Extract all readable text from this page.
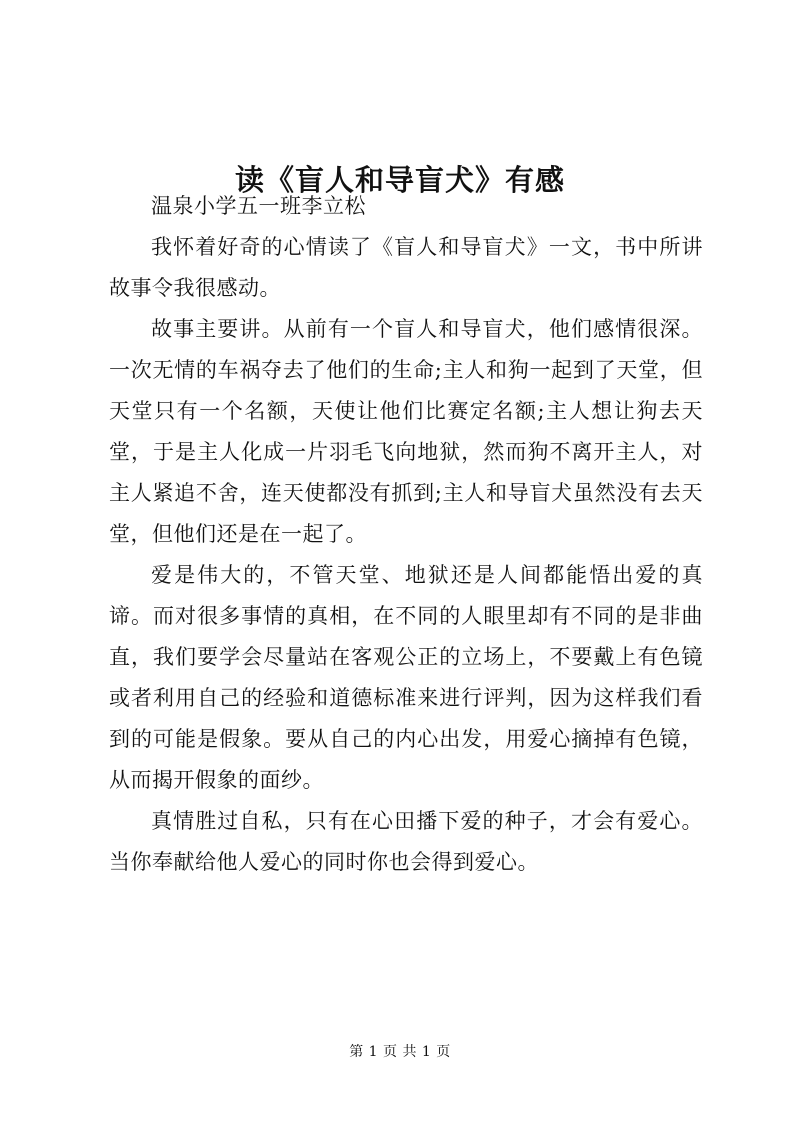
读《盲人和导盲犬》有感
温泉小学五一班李立松

我怀着好奇的心情读了《盲人和导盲犬》一文，书中所讲故事令我很感动。

故事主要讲。从前有一个盲人和导盲犬，他们感情很深。一次无情的车祸夺去了他们的生命;主人和狗一起到了天堂，但天堂只有一个名额，天使让他们比赛定名额;主人想让狗去天堂，于是主人化成一片羽毛飞向地狱，然而狗不离开主人，对主人紧追不舍，连天使都没有抓到;主人和导盲犬虽然没有去天堂，但他们还是在一起了。

爱是伟大的，不管天堂、地狱还是人间都能悟出爱的真谛。而对很多事情的真相，在不同的人眼里却有不同的是非曲直，我们要学会尽量站在客观公正的立场上，不要戴上有色镜或者利用自己的经验和道德标准来进行评判，因为这样我们看到的可能是假象。要从自己的内心出发，用爱心摘掉有色镜，从而揭开假象的面纱。

真情胜过自私，只有在心田播下爱的种子，才会有爱心。当你奉献给他人爱心的同时你也会得到爱心。

第 1 页 共 1 页
